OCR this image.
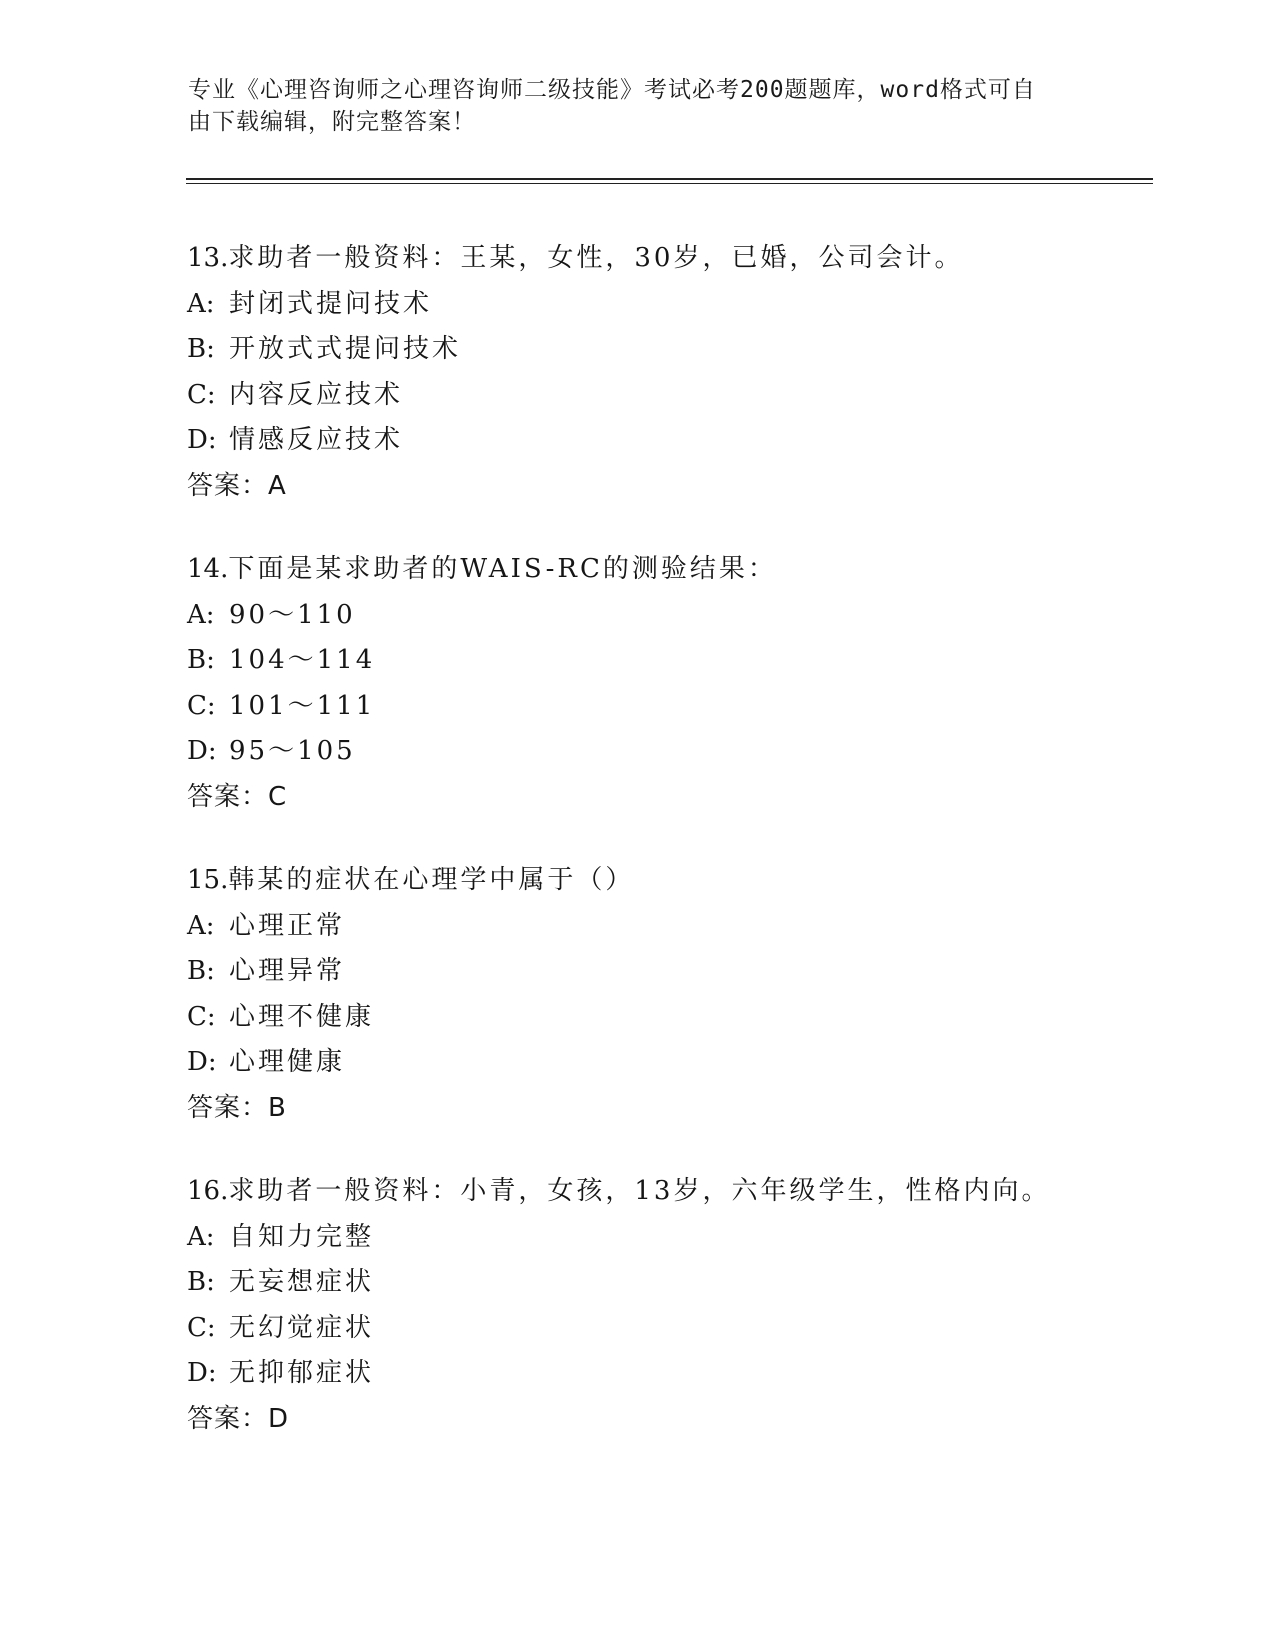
专业《心理咨询师之心理咨询师二级技能》考试必考200题题库，word格式可自
由下载编辑，附完整答案！
13.求助者一般资料：王某，女性，30岁，已婚，公司会计。
A: 封闭式提问技术
B: 开放式式提问技术
C: 内容反应技术
D: 情感反应技术
答案：A
14.下面是某求助者的WAIS-RC的测验结果：
A: 90～110
B: 104～114
C: 101～111
D: 95～105
答案：C
15.韩某的症状在心理学中属于（）
A: 心理正常
B: 心理异常
C: 心理不健康
D: 心理健康
答案：B
16.求助者一般资料：小青，女孩，13岁，六年级学生，性格内向。
A: 自知力完整
B: 无妄想症状
C: 无幻觉症状
D: 无抑郁症状
答案：D
